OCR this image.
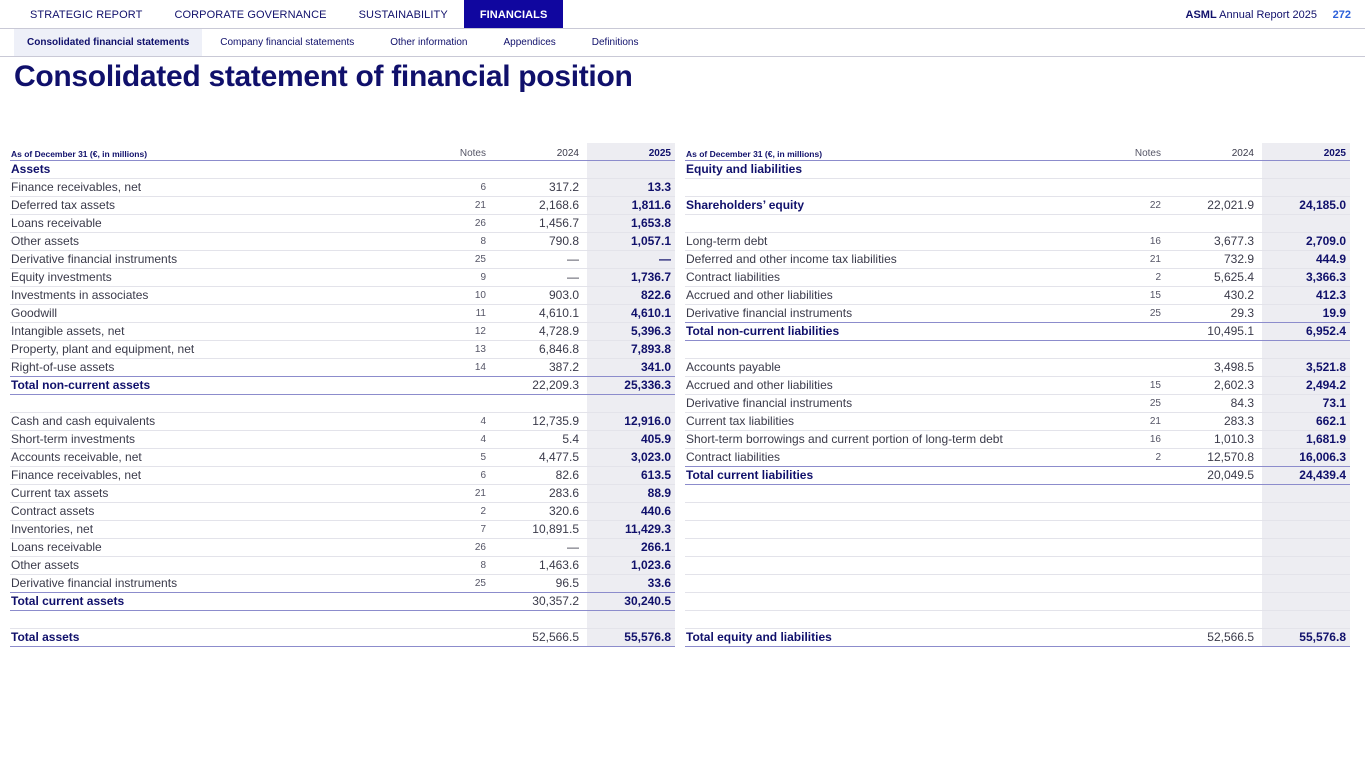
STRATEGIC REPORT	CORPORATE GOVERNANCE	SUSTAINABILITY	FINANCIALS	ASML Annual Report 2025 272
Consolidated financial statements	Company financial statements	Other information	Appendices	Definitions
Consolidated statement of financial position
As of December 31 (€, in millions)	Notes	2024	2025
Assets			
Finance receivables, net	6	317.2	13.3
Deferred tax assets	21	2,168.6	1,811.6
Loans receivable	26	1,456.7	1,653.8
Other assets	8	790.8	1,057.1
Derivative financial instruments	25	—	—
Equity investments	9	—	1,736.7
Investments in associates	10	903.0	822.6
Goodwill	11	4,610.1	4,610.1
Intangible assets, net	12	4,728.9	5,396.3
Property, plant and equipment, net	13	6,846.8	7,893.8
Right-of-use assets	14	387.2	341.0
Total non-current assets		22,209.3	25,336.3

Cash and cash equivalents	4	12,735.9	12,916.0
Short-term investments	4	5.4	405.9
Accounts receivable, net	5	4,477.5	3,023.0
Finance receivables, net	6	82.6	613.5
Current tax assets	21	283.6	88.9
Contract assets	2	320.6	440.6
Inventories, net	7	10,891.5	11,429.3
Loans receivable	26	—	266.1
Other assets	8	1,463.6	1,023.6
Derivative financial instruments	25	96.5	33.6
Total current assets		30,357.2	30,240.5

Total assets		52,566.5	55,576.8
As of December 31 (€, in millions)	Notes	2024	2025
Equity and liabilities			

Shareholders’ equity	22	22,021.9	24,185.0

Long-term debt	16	3,677.3	2,709.0
Deferred and other income tax liabilities	21	732.9	444.9
Contract liabilities	2	5,625.4	3,366.3
Accrued and other liabilities	15	430.2	412.3
Derivative financial instruments	25	29.3	19.9
Total non-current liabilities		10,495.1	6,952.4

Accounts payable		3,498.5	3,521.8
Accrued and other liabilities	15	2,602.3	2,494.2
Derivative financial instruments	25	84.3	73.1
Current tax liabilities	21	283.3	662.1
Short-term borrowings and current portion of long-term debt	16	1,010.3	1,681.9
Contract liabilities	2	12,570.8	16,006.3
Total current liabilities		20,049.5	24,439.4

Total equity and liabilities		52,566.5	55,576.8
